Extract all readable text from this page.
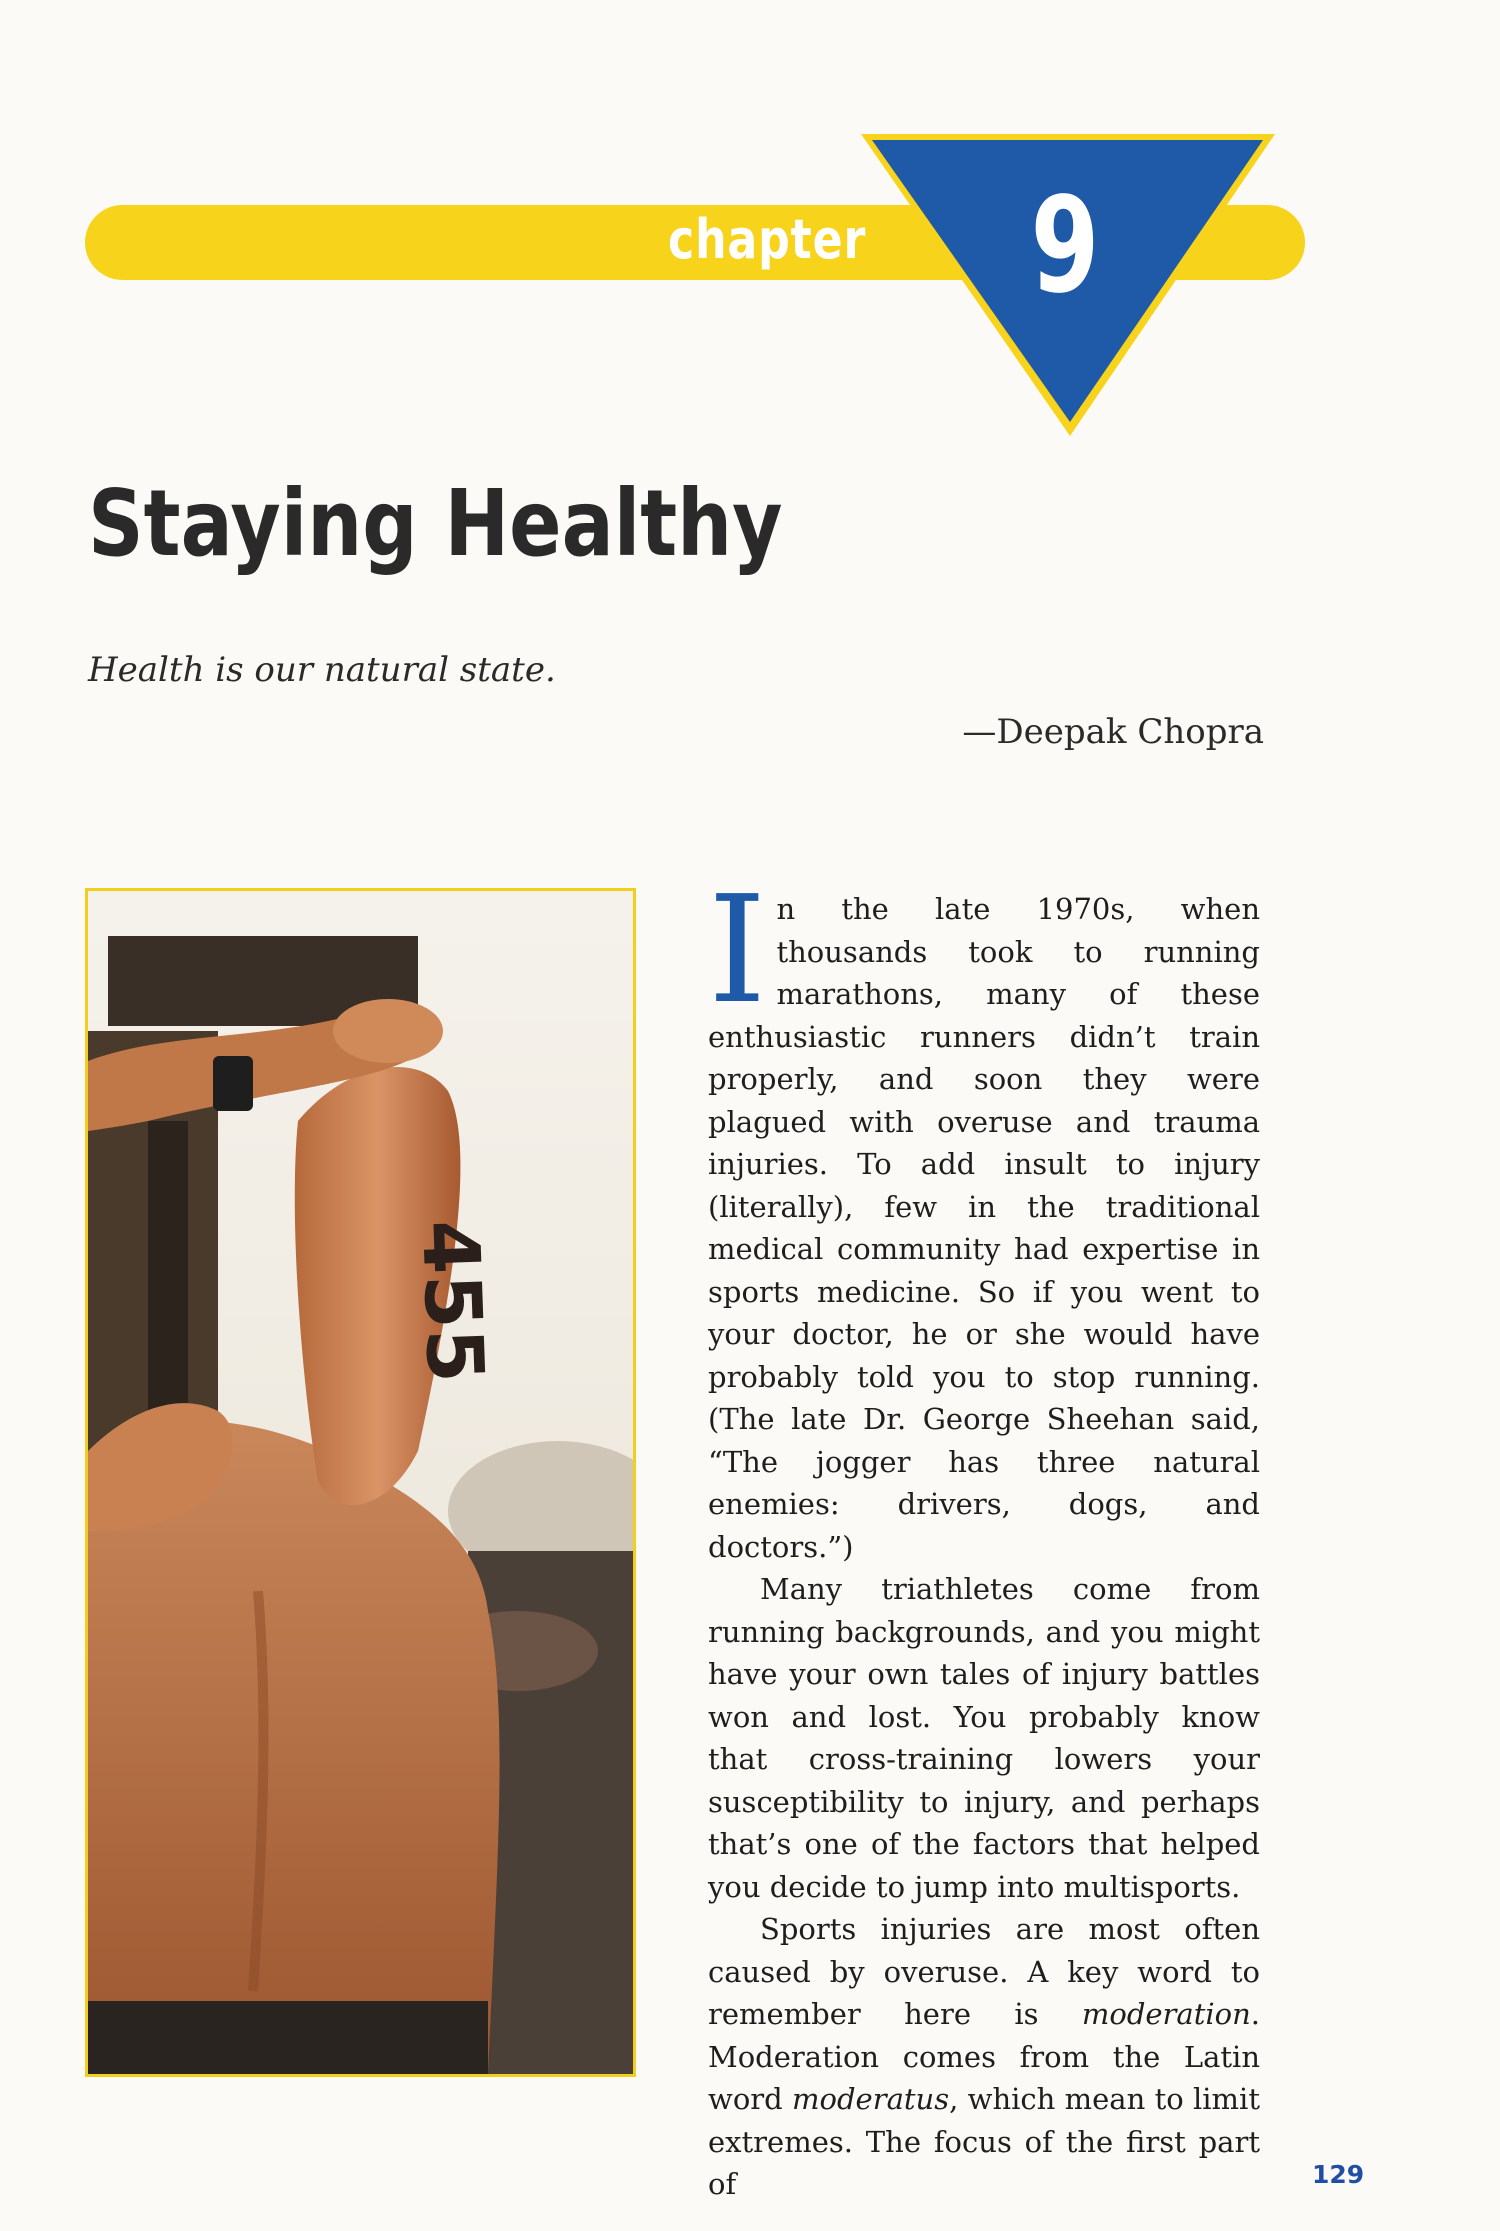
chapter 9
Staying Healthy
Health is our natural state.
—Deepak Chopra
455
I n the late 1970s, when thousands took to running marathons, many of these enthusiastic runners didn’t train properly, and soon they were plagued with overuse and trauma injuries. To add insult to injury (literally), few in the traditional medical community had expertise in sports medicine. So if you went to your doctor, he or she would have probably told you to stop running. (The late Dr. George Sheehan said, “The jogger has three natural enemies: drivers, dogs, and doctors.”)

Many triathletes come from running backgrounds, and you might have your own tales of injury battles won and lost. You probably know that cross-training lowers your susceptibility to injury, and perhaps that’s one of the factors that helped you decide to jump into multisports.

Sports injuries are most often caused by overuse. A key word to remember here is moderation. Moderation comes from the Latin word moderatus, which mean to limit extremes. The focus of the first part of	129
